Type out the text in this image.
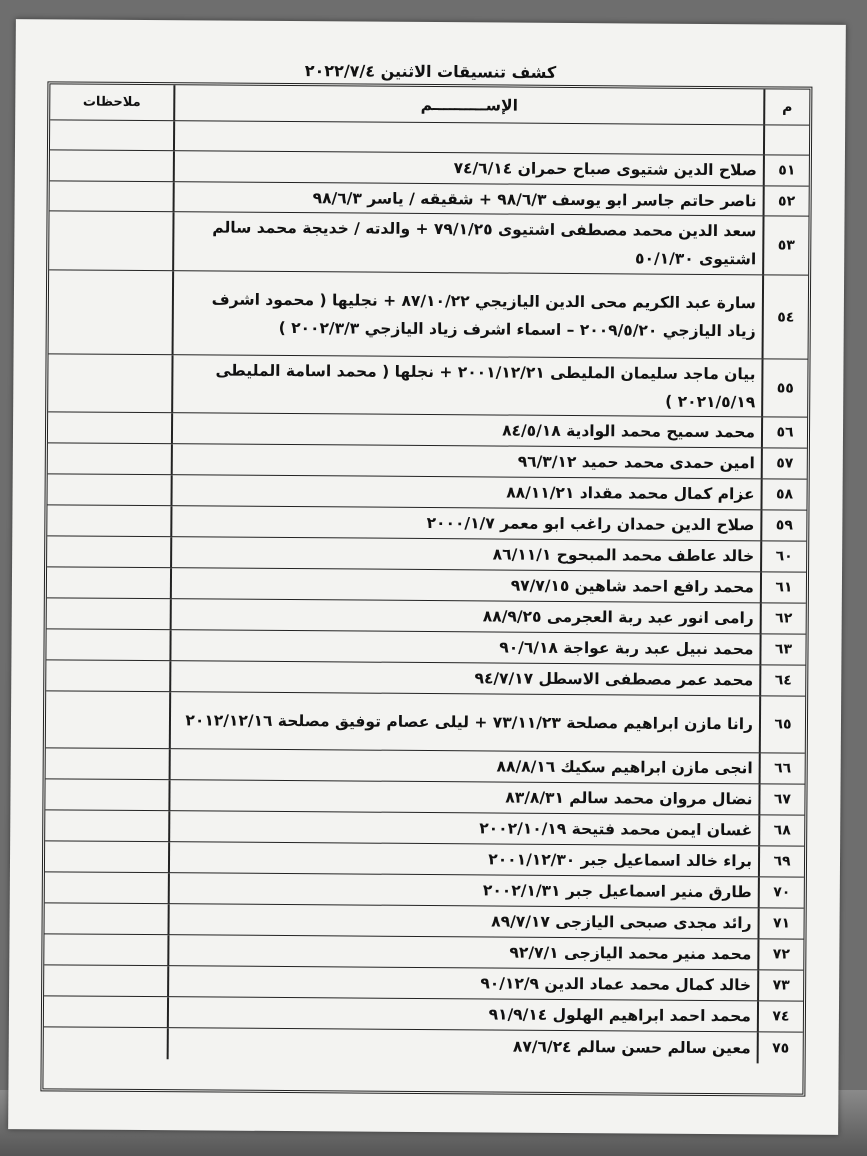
كشف تنسيقات الاثنين ٢٠٢٢/٧/٤
م
الإســــــــــم
ملاحظات
٥١
صلاح الدين شتيوى صباح حمران ٧٤/٦/١٤
٥٢
ناصر حاتم جاسر ابو يوسف ٩٨/٦/٣ + شقيقه / ياسر ٩٨/٦/٣
٥٣
سعد الدين محمد مصطفى اشتيوى ٧٩/١/٢٥ + والدته / خديجة محمد سالم اشتيوى ٥٠/١/٣٠
٥٤
سارة عبد الكريم محى الدين اليازيجي ٨٧/١٠/٢٢ + نجليها ( محمود اشرف زياد اليازجي ٢٠٠٩/٥/٢٠ – اسماء اشرف زياد اليازجي ٢٠٠٢/٣/٣ )
٥٥
بيان ماجد سليمان المليطى ٢٠٠١/١٢/٢١ + نجلها ( محمد اسامة المليطى ٢٠٢١/٥/١٩ )
٥٦
محمد سميح محمد الوادية ٨٤/٥/١٨
٥٧
امين حمدى محمد حميد ٩٦/٣/١٢
٥٨
عزام كمال محمد مقداد ٨٨/١١/٢١
٥٩
صلاح الدين حمدان راغب ابو معمر ٢٠٠٠/١/٧
٦٠
خالد عاطف محمد المبحوح ٨٦/١١/١
٦١
محمد رافع احمد شاهين ٩٧/٧/١٥
٦٢
رامى انور عبد ربة العجرمى ٨٨/٩/٢٥
٦٣
محمد نبيل عبد ربة عواجة ٩٠/٦/١٨
٦٤
محمد عمر مصطفى الاسطل ٩٤/٧/١٧
٦٥
رانا مازن ابراهيم مصلحة ٧٣/١١/٢٣ + ليلى عصام توفيق مصلحة ٢٠١٢/١٢/١٦
٦٦
انجى مازن ابراهيم سكيك ٨٨/٨/١٦
٦٧
نضال مروان محمد سالم ٨٣/٨/٣١
٦٨
غسان ايمن محمد فتيحة ٢٠٠٢/١٠/١٩
٦٩
براء خالد اسماعيل جبر ٢٠٠١/١٢/٣٠
٧٠
طارق منير اسماعيل جبر ٢٠٠٢/١/٣١
٧١
رائد مجدى صبحى اليازجى ٨٩/٧/١٧
٧٢
محمد منير محمد اليازجى ٩٢/٧/١
٧٣
خالد كمال محمد عماد الدين ٩٠/١٢/٩
٧٤
محمد احمد ابراهيم الهلول ٩١/٩/١٤
٧٥
معين سالم حسن سالم ٨٧/٦/٢٤
